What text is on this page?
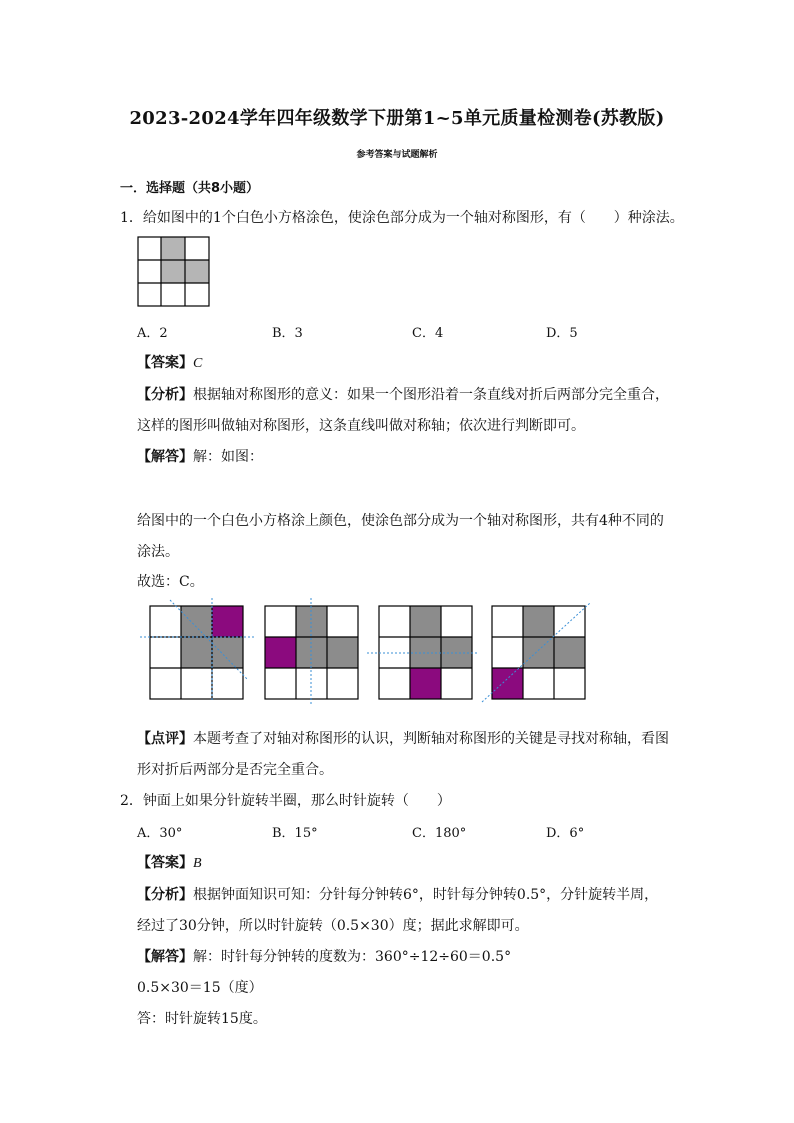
2023-2024学年四年级数学下册第1~5单元质量检测卷(苏教版)
参考答案与试题解析
一．选择题（共8小题）
1．给如图中的1个白色小方格涂色，使涂色部分成为一个轴对称图形，有（　　）种涂法。
A．2	B．3	C．4	D．5
【答案】C
【分析】根据轴对称图形的意义：如果一个图形沿着一条直线对折后两部分完全重合，
这样的图形叫做轴对称图形，这条直线叫做对称轴；依次进行判断即可。
【解答】解：如图：
给图中的一个白色小方格涂上颜色，使涂色部分成为一个轴对称图形，共有4种不同的
涂法。
故选：C。
【点评】本题考查了对轴对称图形的认识，判断轴对称图形的关键是寻找对称轴，看图
形对折后两部分是否完全重合。
2．钟面上如果分针旋转半圈，那么时针旋转（　　）
A．30°	B．15°	C．180°	D．6°
【答案】B
【分析】根据钟面知识可知：分针每分钟转6°，时针每分钟转0.5°，分针旋转半周，
经过了30分钟，所以时针旋转（0.5×30）度；据此求解即可。
【解答】解：时针每分钟转的度数为：360°÷12÷60＝0.5°
0.5×30＝15（度）
答：时针旋转15度。
